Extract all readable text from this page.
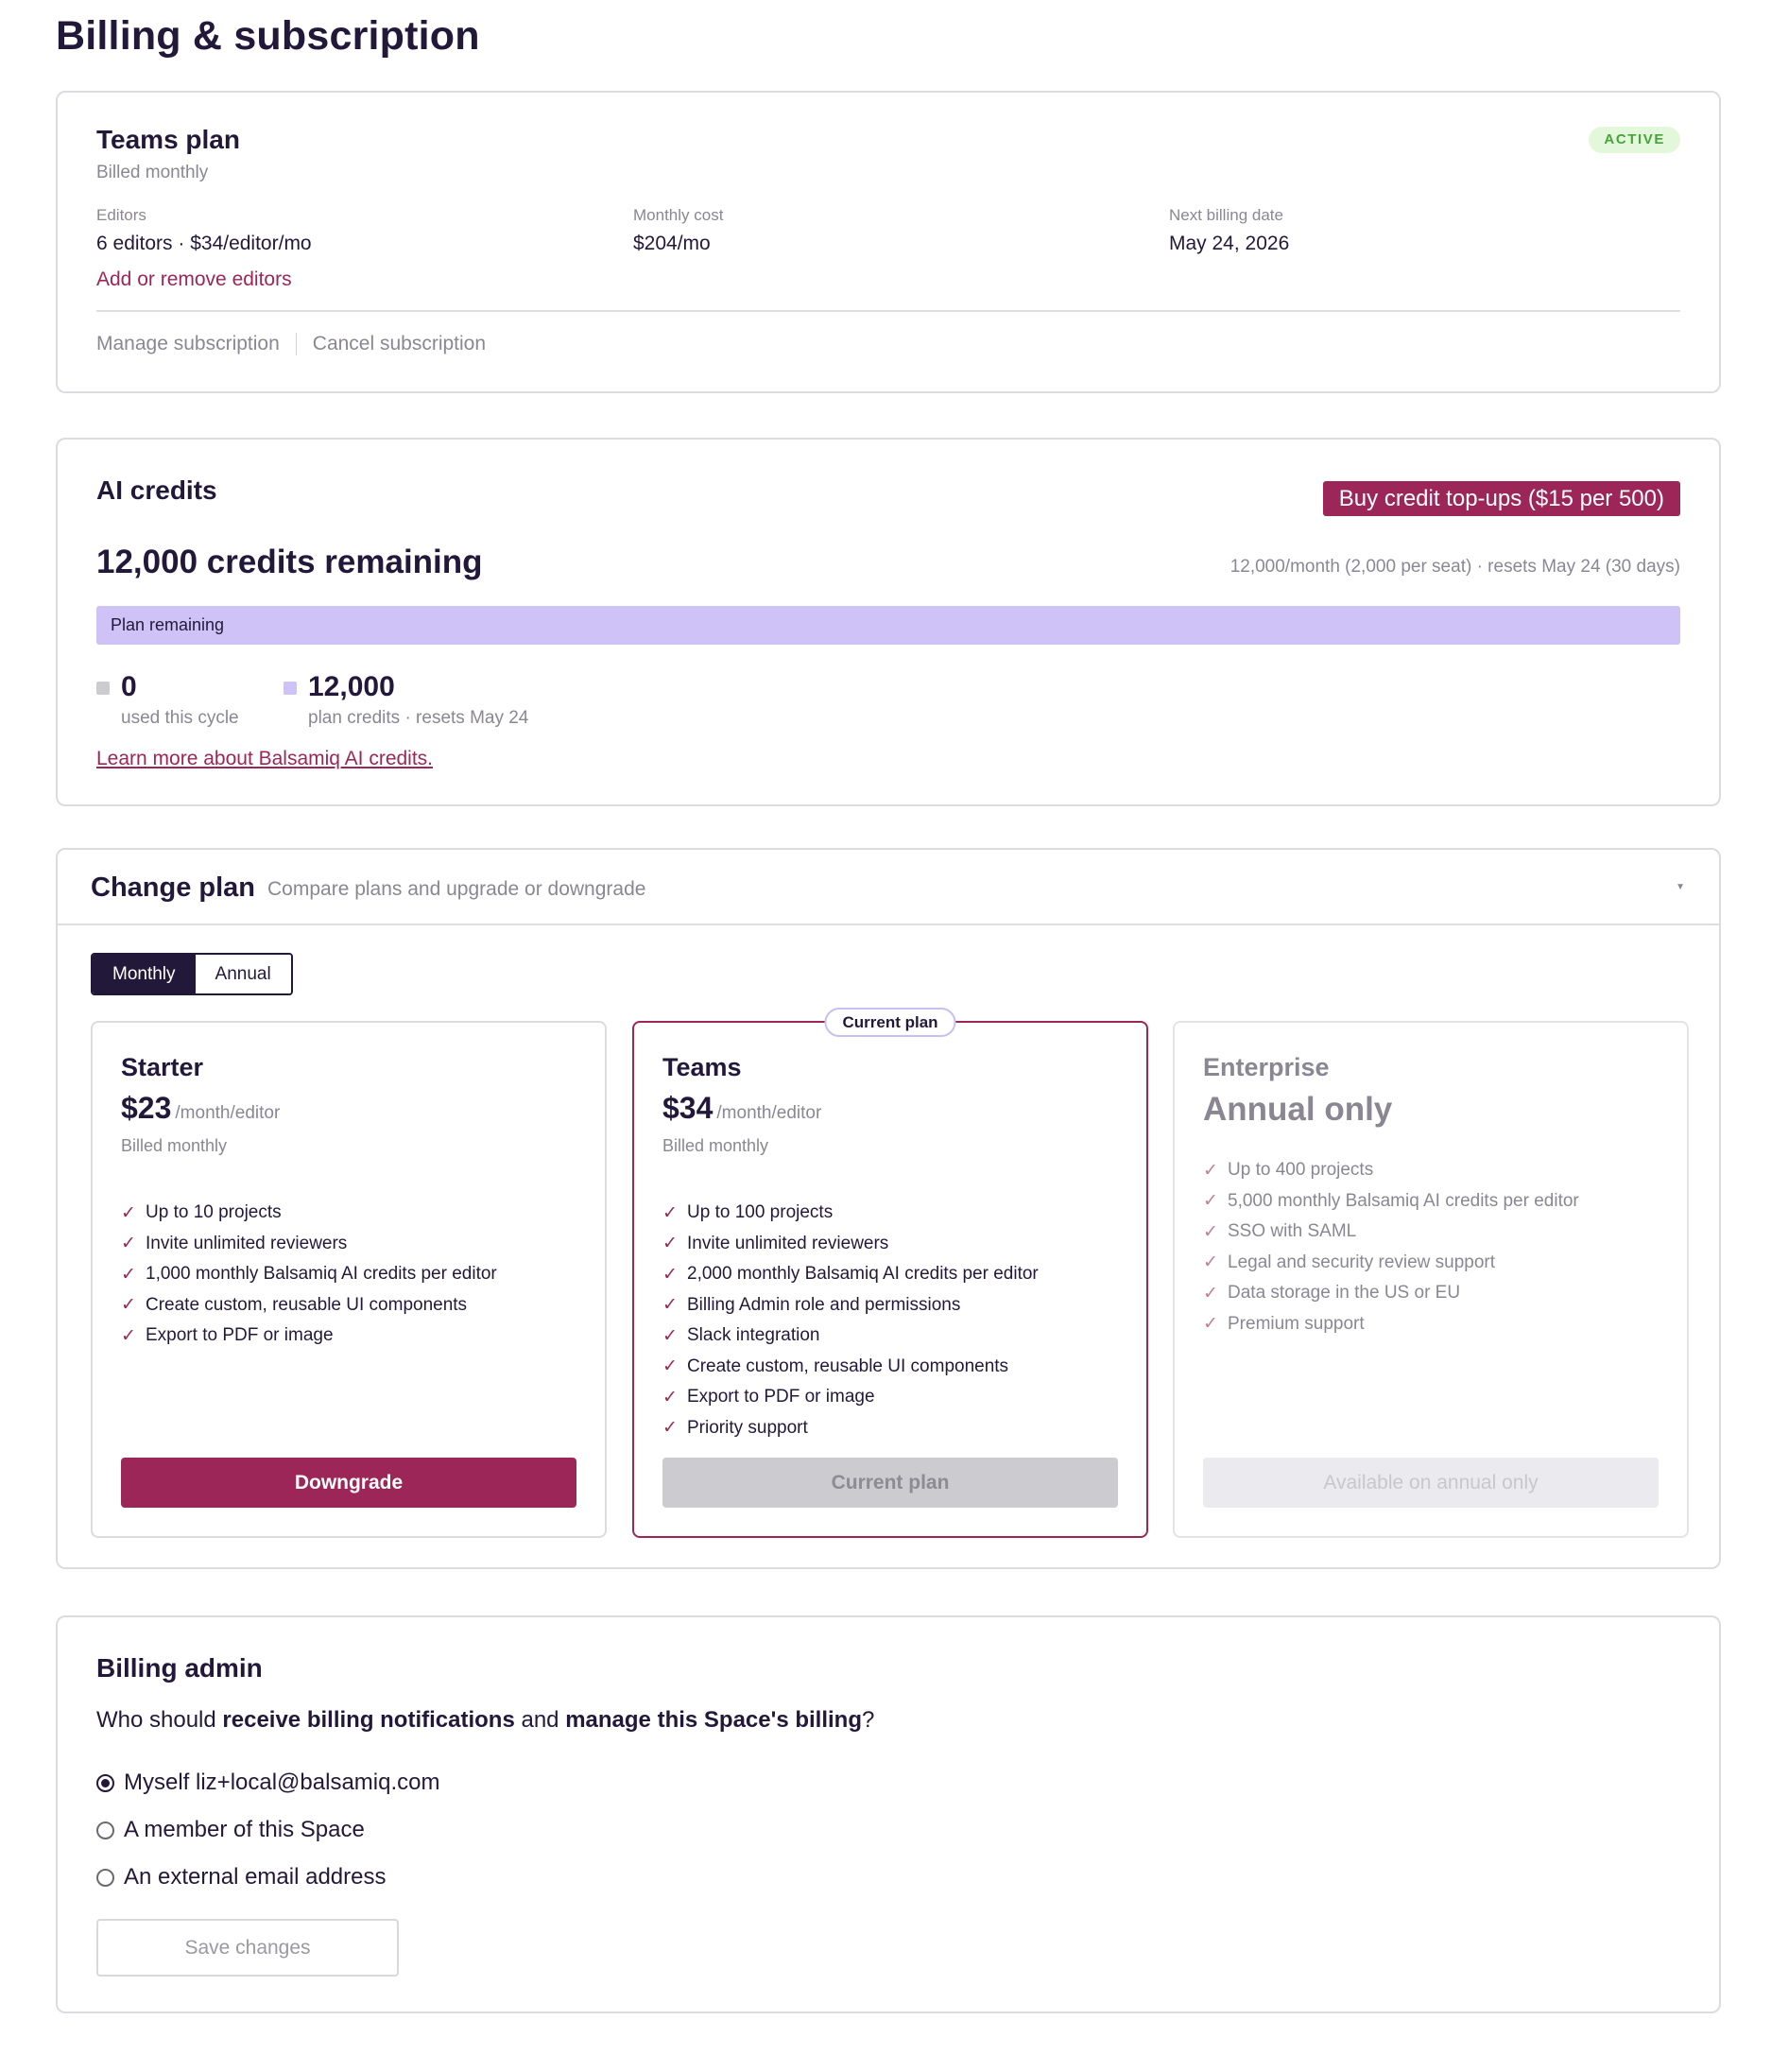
Billing & subscription
Teams plan
Billed monthly
ACTIVE
Editors
6 editors · $34/editor/mo
Add or remove editors
Monthly cost
$204/mo
Next billing date
May 24, 2026
Manage subscription Cancel subscription
AI credits	Buy credit top-ups ($15 per 500)
12,000 credits remaining	12,000/month (2,000 per seat) · resets May 24 (30 days)
Plan remaining
0
used this cycle
12,000
plan credits · resets May 24
Learn more about Balsamiq AI credits.
Change plan Compare plans and upgrade or downgrade	▼
Monthly	Annual
Starter
$23 /month/editor
Billed monthly
✓ Up to 10 projects
✓ Invite unlimited reviewers
✓ 1,000 monthly Balsamiq AI credits per editor
✓ Create custom, reusable UI components
✓ Export to PDF or image
Downgrade
Current plan
Teams
$34 /month/editor
Billed monthly
✓ Up to 100 projects
✓ Invite unlimited reviewers
✓ 2,000 monthly Balsamiq AI credits per editor
✓ Billing Admin role and permissions
✓ Slack integration
✓ Create custom, reusable UI components
✓ Export to PDF or image
✓ Priority support
Current plan
Enterprise
Annual only
✓ Up to 400 projects
✓ 5,000 monthly Balsamiq AI credits per editor
✓ SSO with SAML
✓ Legal and security review support
✓ Data storage in the US or EU
✓ Premium support
Available on annual only
Billing admin
Who should receive billing notifications and manage this Space's billing?
Myself liz+local@balsamiq.com
A member of this Space
An external email address
Save changes
